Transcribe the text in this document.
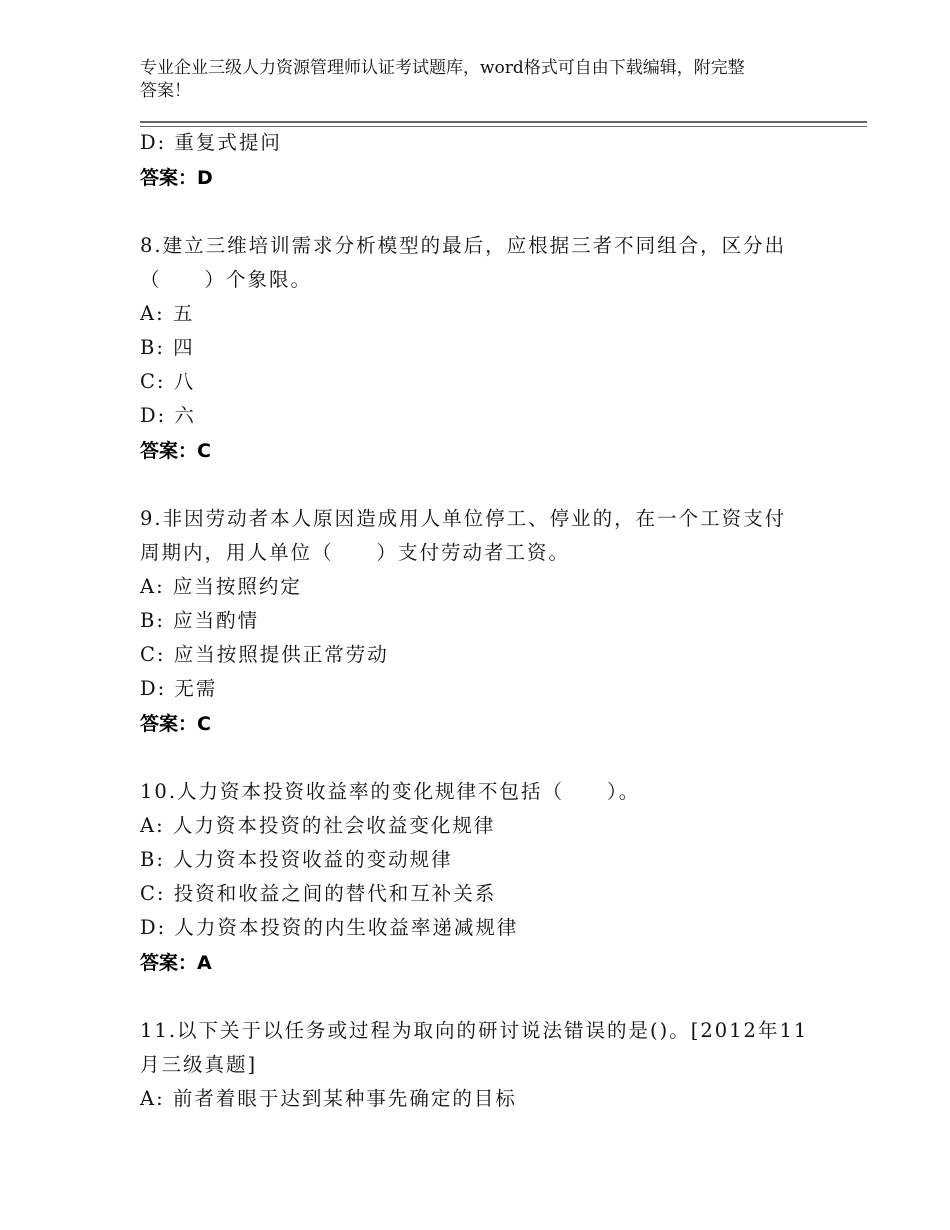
专业企业三级人力资源管理师认证考试题库，word格式可自由下载编辑，附完整
答案！
D: 重复式提问
答案：D
8.建立三维培训需求分析模型的最后，应根据三者不同组合，区分出
（　　）个象限。
A: 五
B: 四
C: 八
D: 六
答案：C
9.非因劳动者本人原因造成用人单位停工、停业的，在一个工资支付
周期内，用人单位（　　）支付劳动者工资。
A: 应当按照约定
B: 应当酌情
C: 应当按照提供正常劳动
D: 无需
答案：C
10.人力资本投资收益率的变化规律不包括（　　）。
A: 人力资本投资的社会收益变化规律
B: 人力资本投资收益的变动规律
C: 投资和收益之间的替代和互补关系
D: 人力资本投资的内生收益率递减规律
答案：A
11.以下关于以任务或过程为取向的研讨说法错误的是()。[2012年11
月三级真题]
A: 前者着眼于达到某种事先确定的目标
